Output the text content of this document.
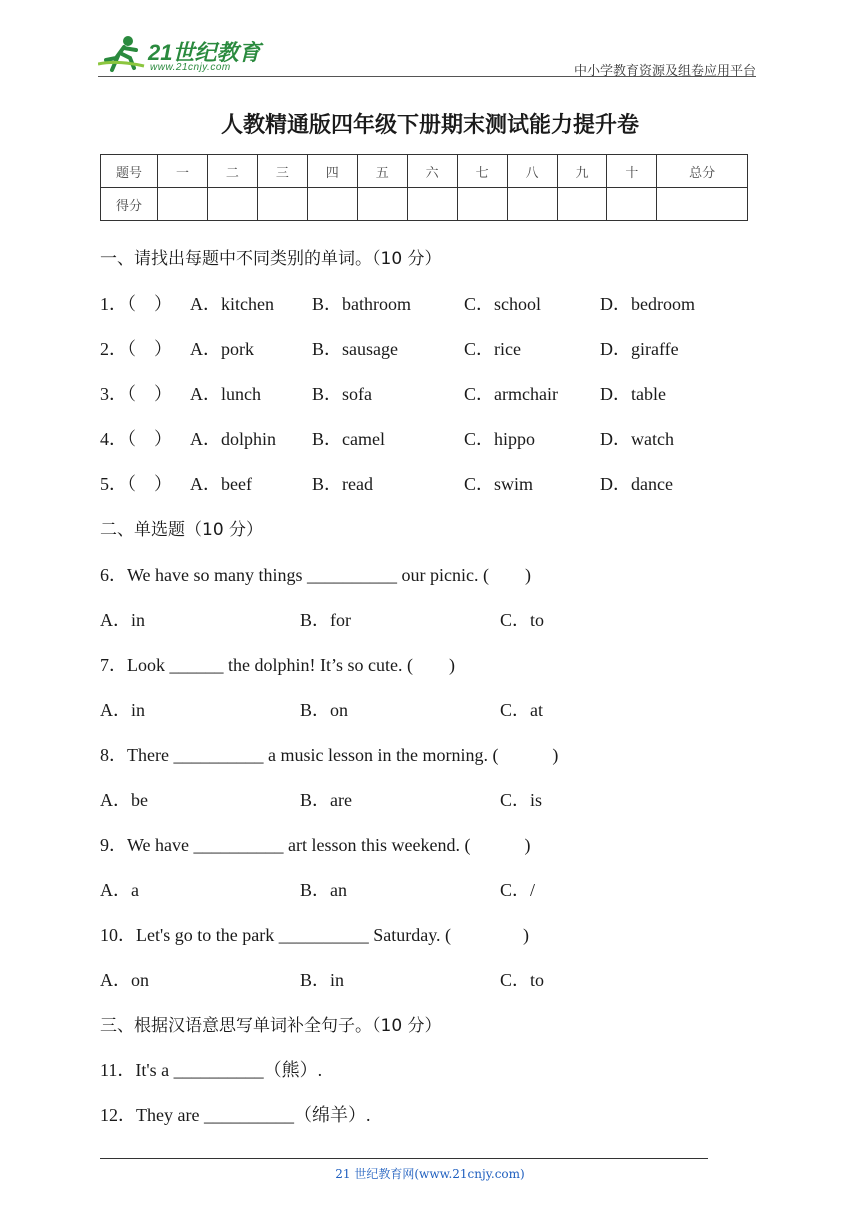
21世纪教育
www.21cnjy.com	中小学教育资源及组卷应用平台
人教精通版四年级下册期末测试能力提升卷
题号	一	二	三	四	五	六	七	八	九	十	总分
得分											
一、请找出每题中不同类别的单词。（10 分）
1．（　） A．kitchen B．bathroom	C．school	D．bedroom
2．（　） A．pork	B．sausage	C．rice	D．giraffe
3．（　） A．lunch	B．sofa	C．armchair D．table
4．（　） A．dolphin B．camel	C．hippo	D．watch
5．（　） A．beef	B．read	C．swim	D．dance
二、单选题（10 分）
6．We have so many things __________ our picnic. (　　)
A．in	B．for	C．to
7．Look ______ the dolphin! It’s so cute. (　　)
A．in	B．on	C．at
8．There __________ a music lesson in the morning. (　　　)
A．be	B．are	C．is
9．We have __________ art lesson this weekend. (　　　)
A．a	B．an	C．/
10．Let's go to the park __________ Saturday. (　　　　)
A．on	B．in	C．to
三、根据汉语意思写单词补全句子。（10 分）
11．It's a __________（熊）.
12．They are __________（绵羊）.
21 世纪教育网(www.21cnjy.com)
